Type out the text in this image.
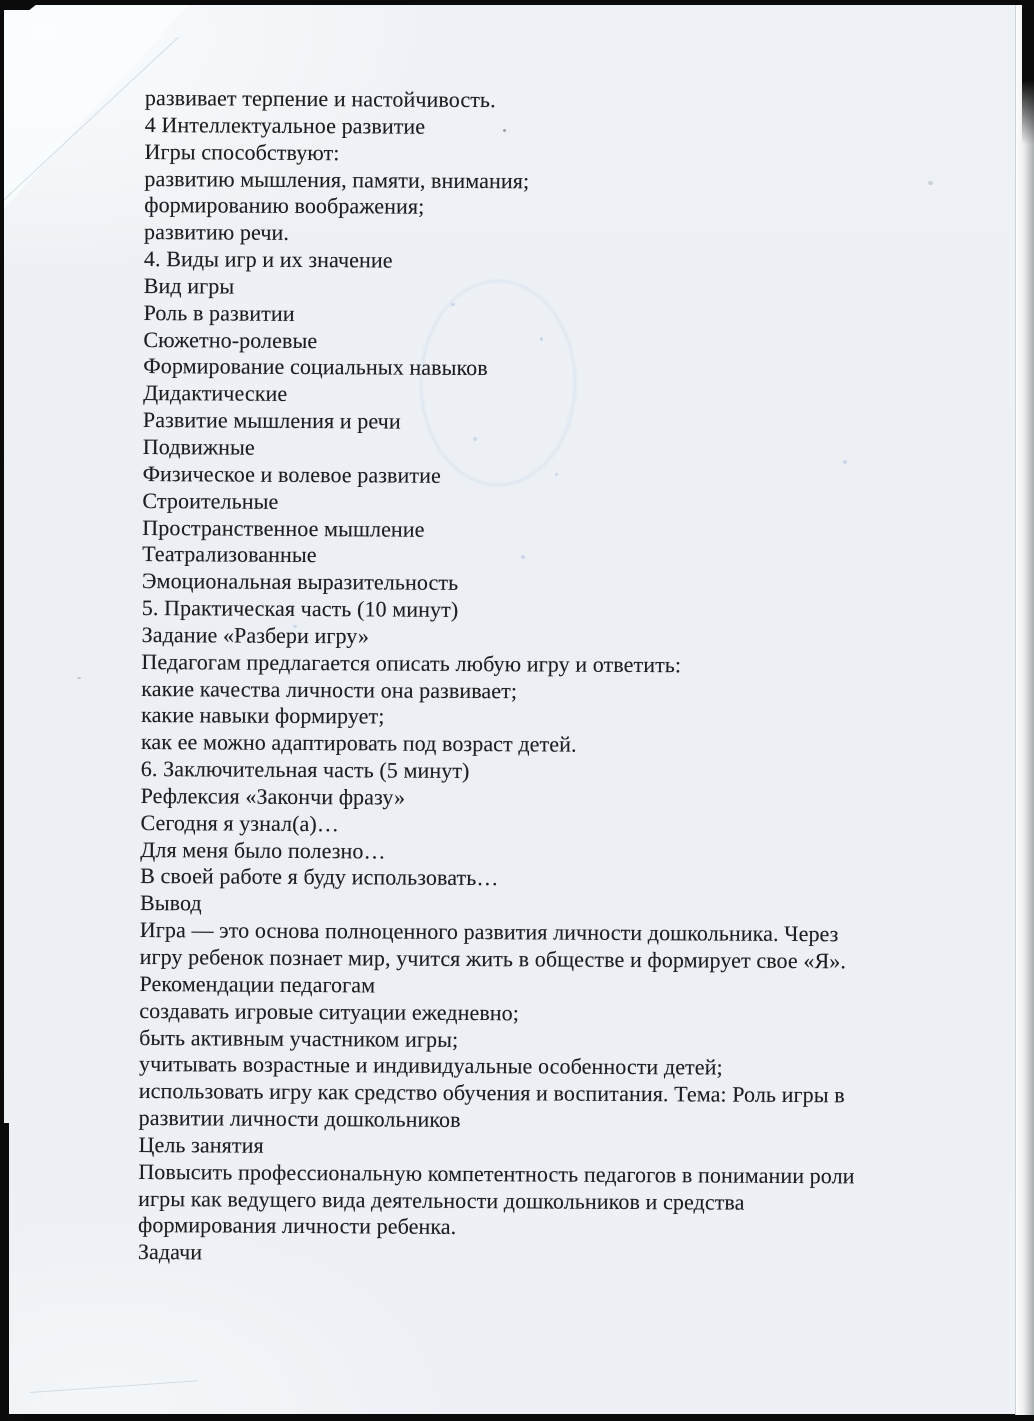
развивает терпение и настойчивость.
4 Интеллектуальное развитие
Игры способствуют:
развитию мышления, памяти, внимания;
формированию воображения;
развитию речи.
4. Виды игр и их значение
Вид игры
Роль в развитии
Сюжетно-ролевые
Формирование социальных навыков
Дидактические
Развитие мышления и речи
Подвижные
Физическое и волевое развитие
Строительные
Пространственное мышление
Театрализованные
Эмоциональная выразительность
5. Практическая часть (10 минут)
Задание «Разбери игру»
Педагогам предлагается описать любую игру и ответить:
какие качества личности она развивает;
какие навыки формирует;
как ее можно адаптировать под возраст детей.
6. Заключительная часть (5 минут)
Рефлексия «Закончи фразу»
Сегодня я узнал(а)…
Для меня было полезно…
В своей работе я буду использовать…
Вывод
Игра — это основа полноценного развития личности дошкольника. Через
игру ребенок познает мир, учится жить в обществе и формирует свое «Я».
Рекомендации педагогам
создавать игровые ситуации ежедневно;
быть активным участником игры;
учитывать возрастные и индивидуальные особенности детей;
использовать игру как средство обучения и воспитания. Тема: Роль игры в
развитии личности дошкольников
Цель занятия
Повысить профессиональную компетентность педагогов в понимании роли
игры как ведущего вида деятельности дошкольников и средства
формирования личности ребенка.
Задачи
